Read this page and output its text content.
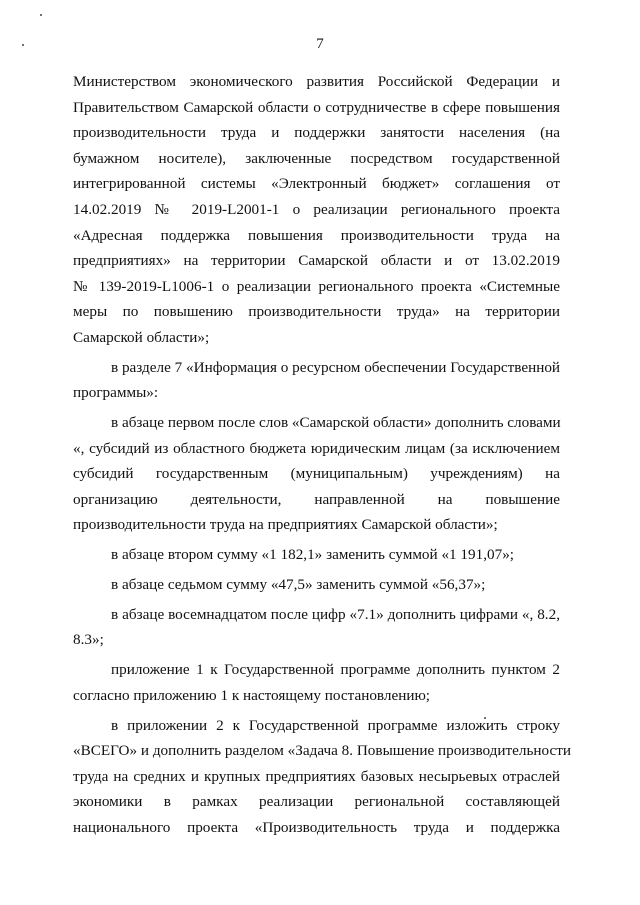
7
Министерством экономического развития Российской Федерации и
Правительством Самарской области о сотрудничестве в сфере повышения
производительности труда и поддержки занятости населения (на
бумажном носителе), заключенные посредством государственной
интегрированной системы «Электронный бюджет» соглашения от
14.02.2019 № 2019-L2001-1 о реализации регионального проекта
«Адресная поддержка повышения производительности труда на
предприятиях» на территории Самарской области и от 13.02.2019
№ 139-2019-L1006-1 о реализации регионального проекта «Системные
меры по повышению производительности труда» на территории
Самарской области»;
в разделе 7 «Информация о ресурсном обеспечении Государственной
программы»:
в абзаце первом после слов «Самарской области» дополнить словами
«, субсидий из областного бюджета юридическим лицам (за исключением
субсидий государственным (муниципальным) учреждениям) на
организацию деятельности, направленной на повышение
производительности труда на предприятиях Самарской области»;
в абзаце втором сумму «1 182,1» заменить суммой «1 191,07»;
в абзаце седьмом сумму «47,5» заменить суммой «56,37»;
в абзаце восемнадцатом после цифр «7.1» дополнить цифрами «, 8.2,
8.3»;
приложение 1 к Государственной программе дополнить пунктом 2
согласно приложению 1 к настоящему постановлению;
в приложении 2 к Государственной программе изложить строку
«ВСЕГО» и дополнить разделом «Задача 8. Повышение производительности
труда на средних и крупных предприятиях базовых несырьевых отраслей
экономики в рамках реализации региональной составляющей
национального проекта «Производительность труда и поддержка
